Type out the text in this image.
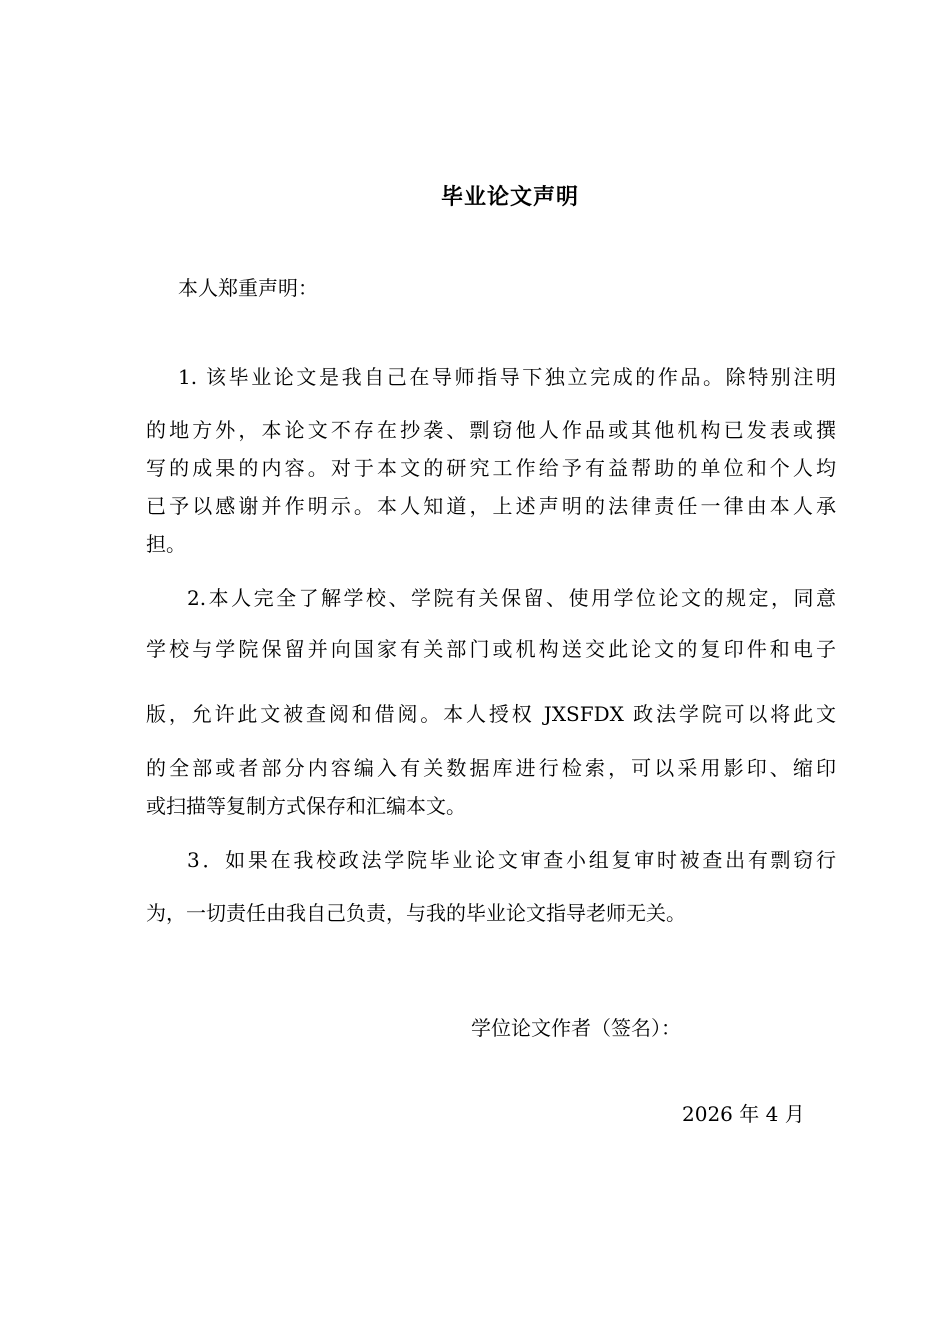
毕业论文声明
本人郑重声明：
1. 该毕业论文是我自己在导师指导下独立完成的作品。除特别注明
的地方外，本论文不存在抄袭、剽窃他人作品或其他机构已发表或撰
写的成果的内容。对于本文的研究工作给予有益帮助的单位和个人均
已予以感谢并作明示。本人知道，上述声明的法律责任一律由本人承
担。
2.本人完全了解学校、学院有关保留、使用学位论文的规定，同意
学校与学院保留并向国家有关部门或机构送交此论文的复印件和电子
版，允许此文被查阅和借阅。本人授权 JXSFDX 政法学院可以将此文
的全部或者部分内容编入有关数据库进行检索，可以采用影印、缩印
或扫描等复制方式保存和汇编本文。
3．如果在我校政法学院毕业论文审查小组复审时被查出有剽窃行
为，一切责任由我自己负责，与我的毕业论文指导老师无关。
学位论文作者（签名）：
2026 年 4 月
